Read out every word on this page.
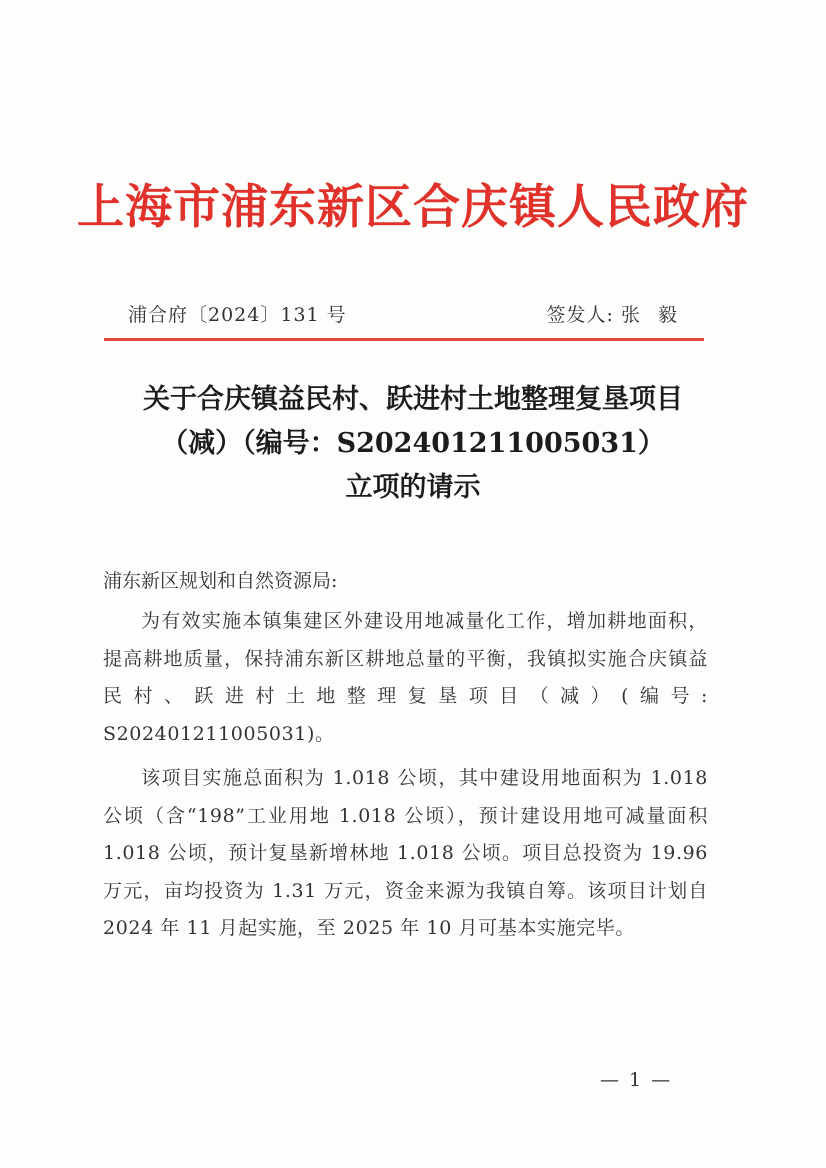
上海市浦东新区合庆镇人民政府
浦合府〔2024〕131 号	签发人: 张 毅
关于合庆镇益民村、跃进村土地整理复垦项目
（减）（编号：S202401211005031）
立项的请示
浦东新区规划和自然资源局:

为有效实施本镇集建区外建设用地减量化工作，增加耕地面积，提高耕地质量，保持浦东新区耕地总量的平衡，我镇拟实施合庆镇益民村、跃进村土地整理复垦项目（减）(编号: S202401211005031)。

该项目实施总面积为 1.018 公顷，其中建设用地面积为 1.018 公顷（含“198”工业用地 1.018 公顷），预计建设用地可减量面积 1.018 公顷，预计复垦新增林地 1.018 公顷。项目总投资为 19.96 万元，亩均投资为 1.31 万元，资金来源为我镇自筹。该项目计划自 2024 年 11 月起实施，至 2025 年 10 月可基本实施完毕。

— 1 —
